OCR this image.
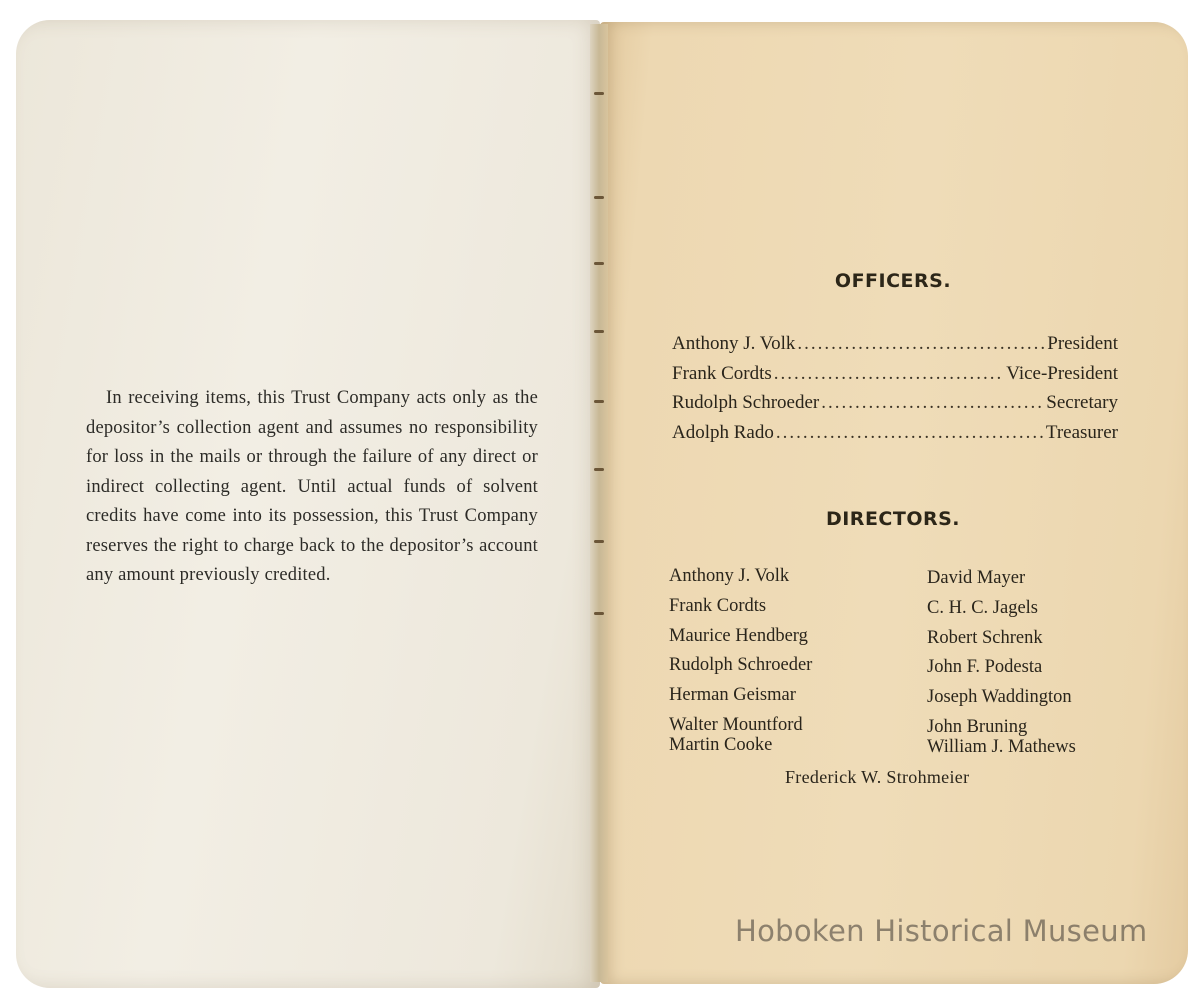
In receiving items, this Trust Company acts only as the depositor’s collection agent and assumes no responsibility for loss in the mails or through the failure of any direct or indirect collecting agent. Until actual funds of solvent credits have come into its possession, this Trust Company reserves the right to charge back to the depositor’s account any amount previously credited.
OFFICERS.
Anthony J. Volk .....	President
Frank Cordts .....	Vice-President
Rudolph Schroeder .....	Secretary
Adolph Rado .....	Treasurer
DIRECTORS.
Anthony J. Volk
Frank Cordts
Maurice Hendberg
Rudolph Schroeder
Herman Geismar
Walter Mountford
Martin Cooke
David Mayer
C. H. C. Jagels
Robert Schrenk
John F. Podesta
Joseph Waddington
John Bruning
William J. Mathews
Frederick W. Strohmeier
Hoboken Historical Museum
